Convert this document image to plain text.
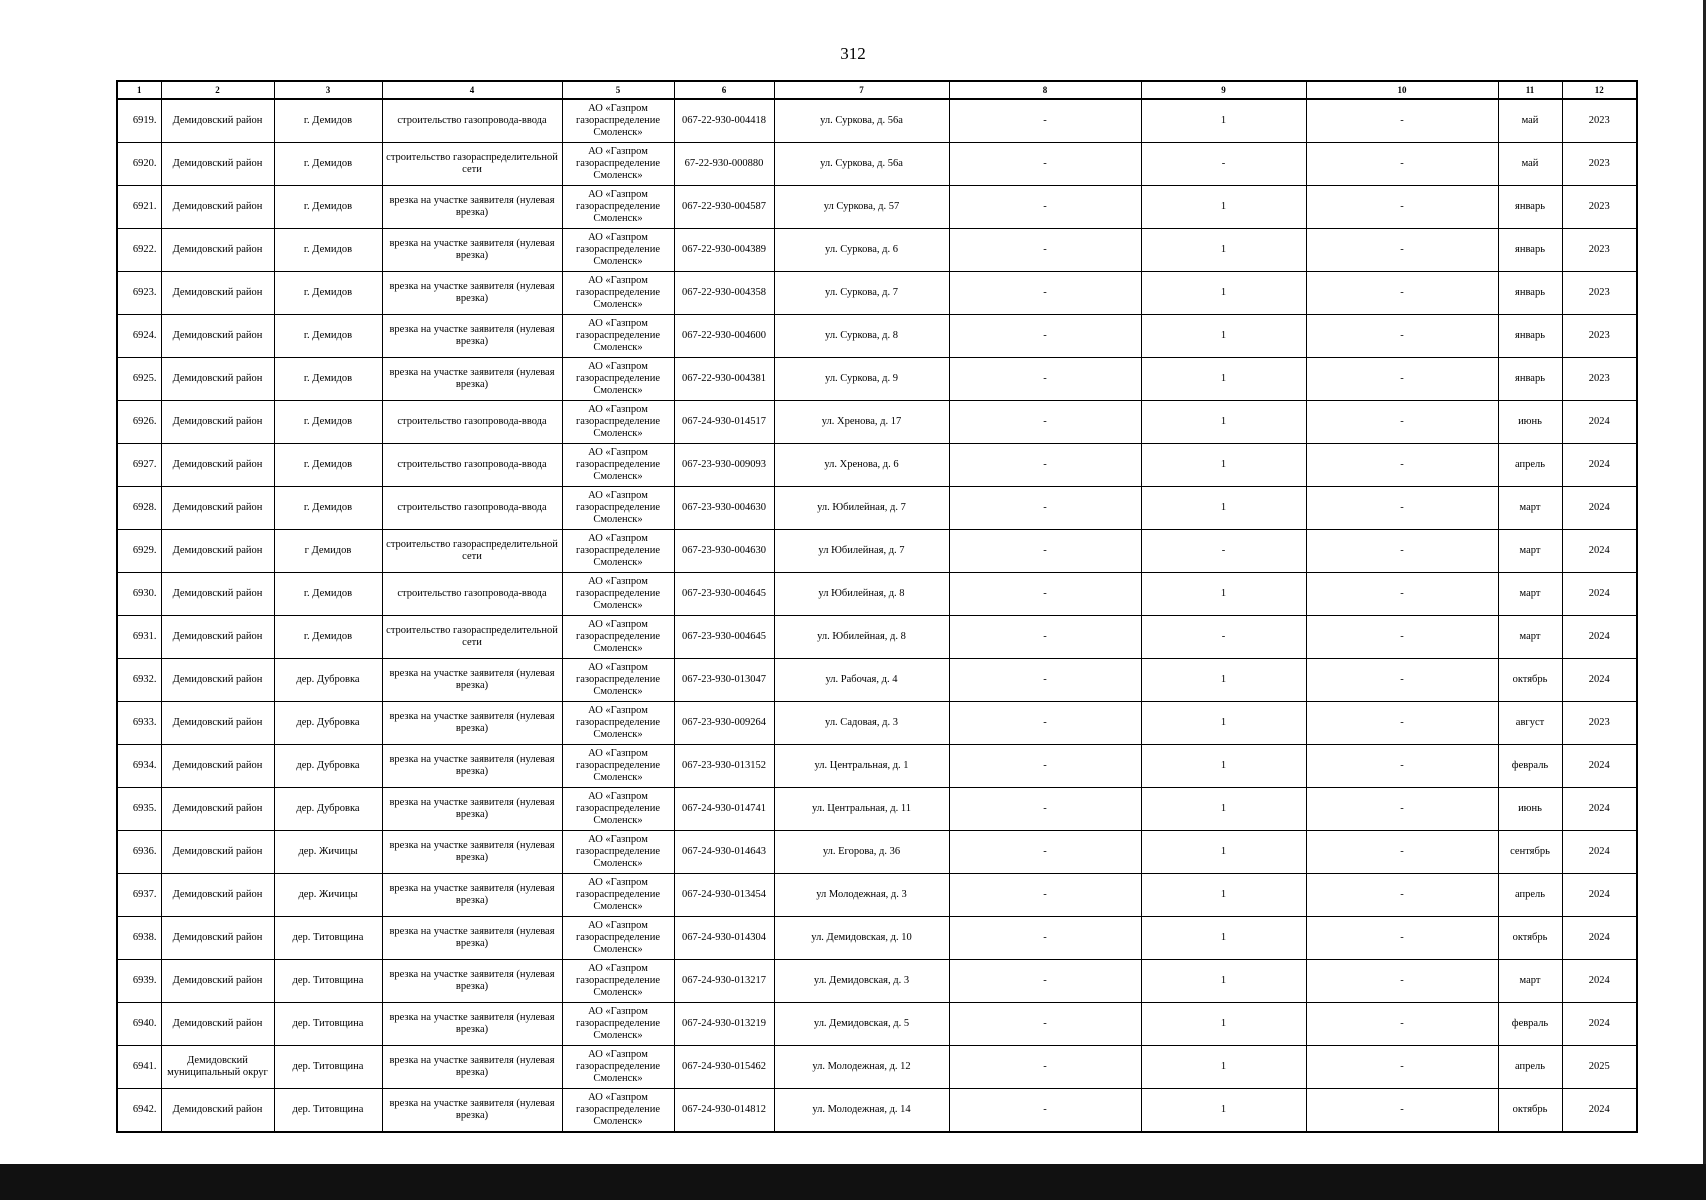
312
1	2	3	4	5	6	7	8	9	10	11	12
6919.	Демидовский район	г. Демидов	строительство газопровода-ввода	АО «Газпром газораспределение Смоленск»	067-22-930-004418	ул. Суркова, д. 56а	-	1	-	май	2023
6920.	Демидовский район	г. Демидов	строительство газораспределительной сети	АО «Газпром газораспределение Смоленск»	67-22-930-000880	ул. Суркова, д. 56а	-	-	-	май	2023
6921.	Демидовский район	г. Демидов	врезка на участке заявителя (нулевая врезка)	АО «Газпром газораспределение Смоленск»	067-22-930-004587	ул Суркова, д. 57	-	1	-	январь	2023
6922.	Демидовский район	г. Демидов	врезка на участке заявителя (нулевая врезка)	АО «Газпром газораспределение Смоленск»	067-22-930-004389	ул. Суркова, д. 6	-	1	-	январь	2023
6923.	Демидовский район	г. Демидов	врезка на участке заявителя (нулевая врезка)	АО «Газпром газораспределение Смоленск»	067-22-930-004358	ул. Суркова, д. 7	-	1	-	январь	2023
6924.	Демидовский район	г. Демидов	врезка на участке заявителя (нулевая врезка)	АО «Газпром газораспределение Смоленск»	067-22-930-004600	ул. Суркова, д. 8	-	1	-	январь	2023
6925.	Демидовский район	г. Демидов	врезка на участке заявителя (нулевая врезка)	АО «Газпром газораспределение Смоленск»	067-22-930-004381	ул. Суркова, д. 9	-	1	-	январь	2023
6926.	Демидовский район	г. Демидов	строительство газопровода-ввода	АО «Газпром газораспределение Смоленск»	067-24-930-014517	ул. Хренова, д. 17	-	1	-	июнь	2024
6927.	Демидовский район	г. Демидов	строительство газопровода-ввода	АО «Газпром газораспределение Смоленск»	067-23-930-009093	ул. Хренова, д. 6	-	1	-	апрель	2024
6928.	Демидовский район	г. Демидов	строительство газопровода-ввода	АО «Газпром газораспределение Смоленск»	067-23-930-004630	ул. Юбилейная, д. 7	-	1	-	март	2024
6929.	Демидовский район	г Демидов	строительство газораспределительной сети	АО «Газпром газораспределение Смоленск»	067-23-930-004630	ул Юбилейная, д. 7	-	-	-	март	2024
6930.	Демидовский район	г. Демидов	строительство газопровода-ввода	АО «Газпром газораспределение Смоленск»	067-23-930-004645	ул Юбилейная, д. 8	-	1	-	март	2024
6931.	Демидовский район	г. Демидов	строительство газораспределительной сети	АО «Газпром газораспределение Смоленск»	067-23-930-004645	ул. Юбилейная, д. 8	-	-	-	март	2024
6932.	Демидовский район	дер. Дубровка	врезка на участке заявителя (нулевая врезка)	АО «Газпром газораспределение Смоленск»	067-23-930-013047	ул. Рабочая, д. 4	-	1	-	октябрь	2024
6933.	Демидовский район	дер. Дубровка	врезка на участке заявителя (нулевая врезка)	АО «Газпром газораспределение Смоленск»	067-23-930-009264	ул. Садовая, д. 3	-	1	-	август	2023
6934.	Демидовский район	дер. Дубровка	врезка на участке заявителя (нулевая врезка)	АО «Газпром газораспределение Смоленск»	067-23-930-013152	ул. Центральная, д. 1	-	1	-	февраль	2024
6935.	Демидовский район	дер. Дубровка	врезка на участке заявителя (нулевая врезка)	АО «Газпром газораспределение Смоленск»	067-24-930-014741	ул. Центральная, д. 11	-	1	-	июнь	2024
6936.	Демидовский район	дер. Жичицы	врезка на участке заявителя (нулевая врезка)	АО «Газпром газораспределение Смоленск»	067-24-930-014643	ул. Егорова, д. 36	-	1	-	сентябрь	2024
6937.	Демидовский район	дер. Жичицы	врезка на участке заявителя (нулевая врезка)	АО «Газпром газораспределение Смоленск»	067-24-930-013454	ул Молодежная, д. 3	-	1	-	апрель	2024
6938.	Демидовский район	дер. Титовщина	врезка на участке заявителя (нулевая врезка)	АО «Газпром газораспределение Смоленск»	067-24-930-014304	ул. Демидовская, д. 10	-	1	-	октябрь	2024
6939.	Демидовский район	дер. Титовщина	врезка на участке заявителя (нулевая врезка)	АО «Газпром газораспределение Смоленск»	067-24-930-013217	ул. Демидовская, д. 3	-	1	-	март	2024
6940.	Демидовский район	дер. Титовщина	врезка на участке заявителя (нулевая врезка)	АО «Газпром газораспределение Смоленск»	067-24-930-013219	ул. Демидовская, д. 5	-	1	-	февраль	2024
6941.	Демидовский муниципальный округ	дер. Титовщина	врезка на участке заявителя (нулевая врезка)	АО «Газпром газораспределение Смоленск»	067-24-930-015462	ул. Молодежная, д. 12	-	1	-	апрель	2025
6942.	Демидовский район	дер. Титовщина	врезка на участке заявителя (нулевая врезка)	АО «Газпром газораспределение Смоленск»	067-24-930-014812	ул. Молодежная, д. 14	-	1	-	октябрь	2024
